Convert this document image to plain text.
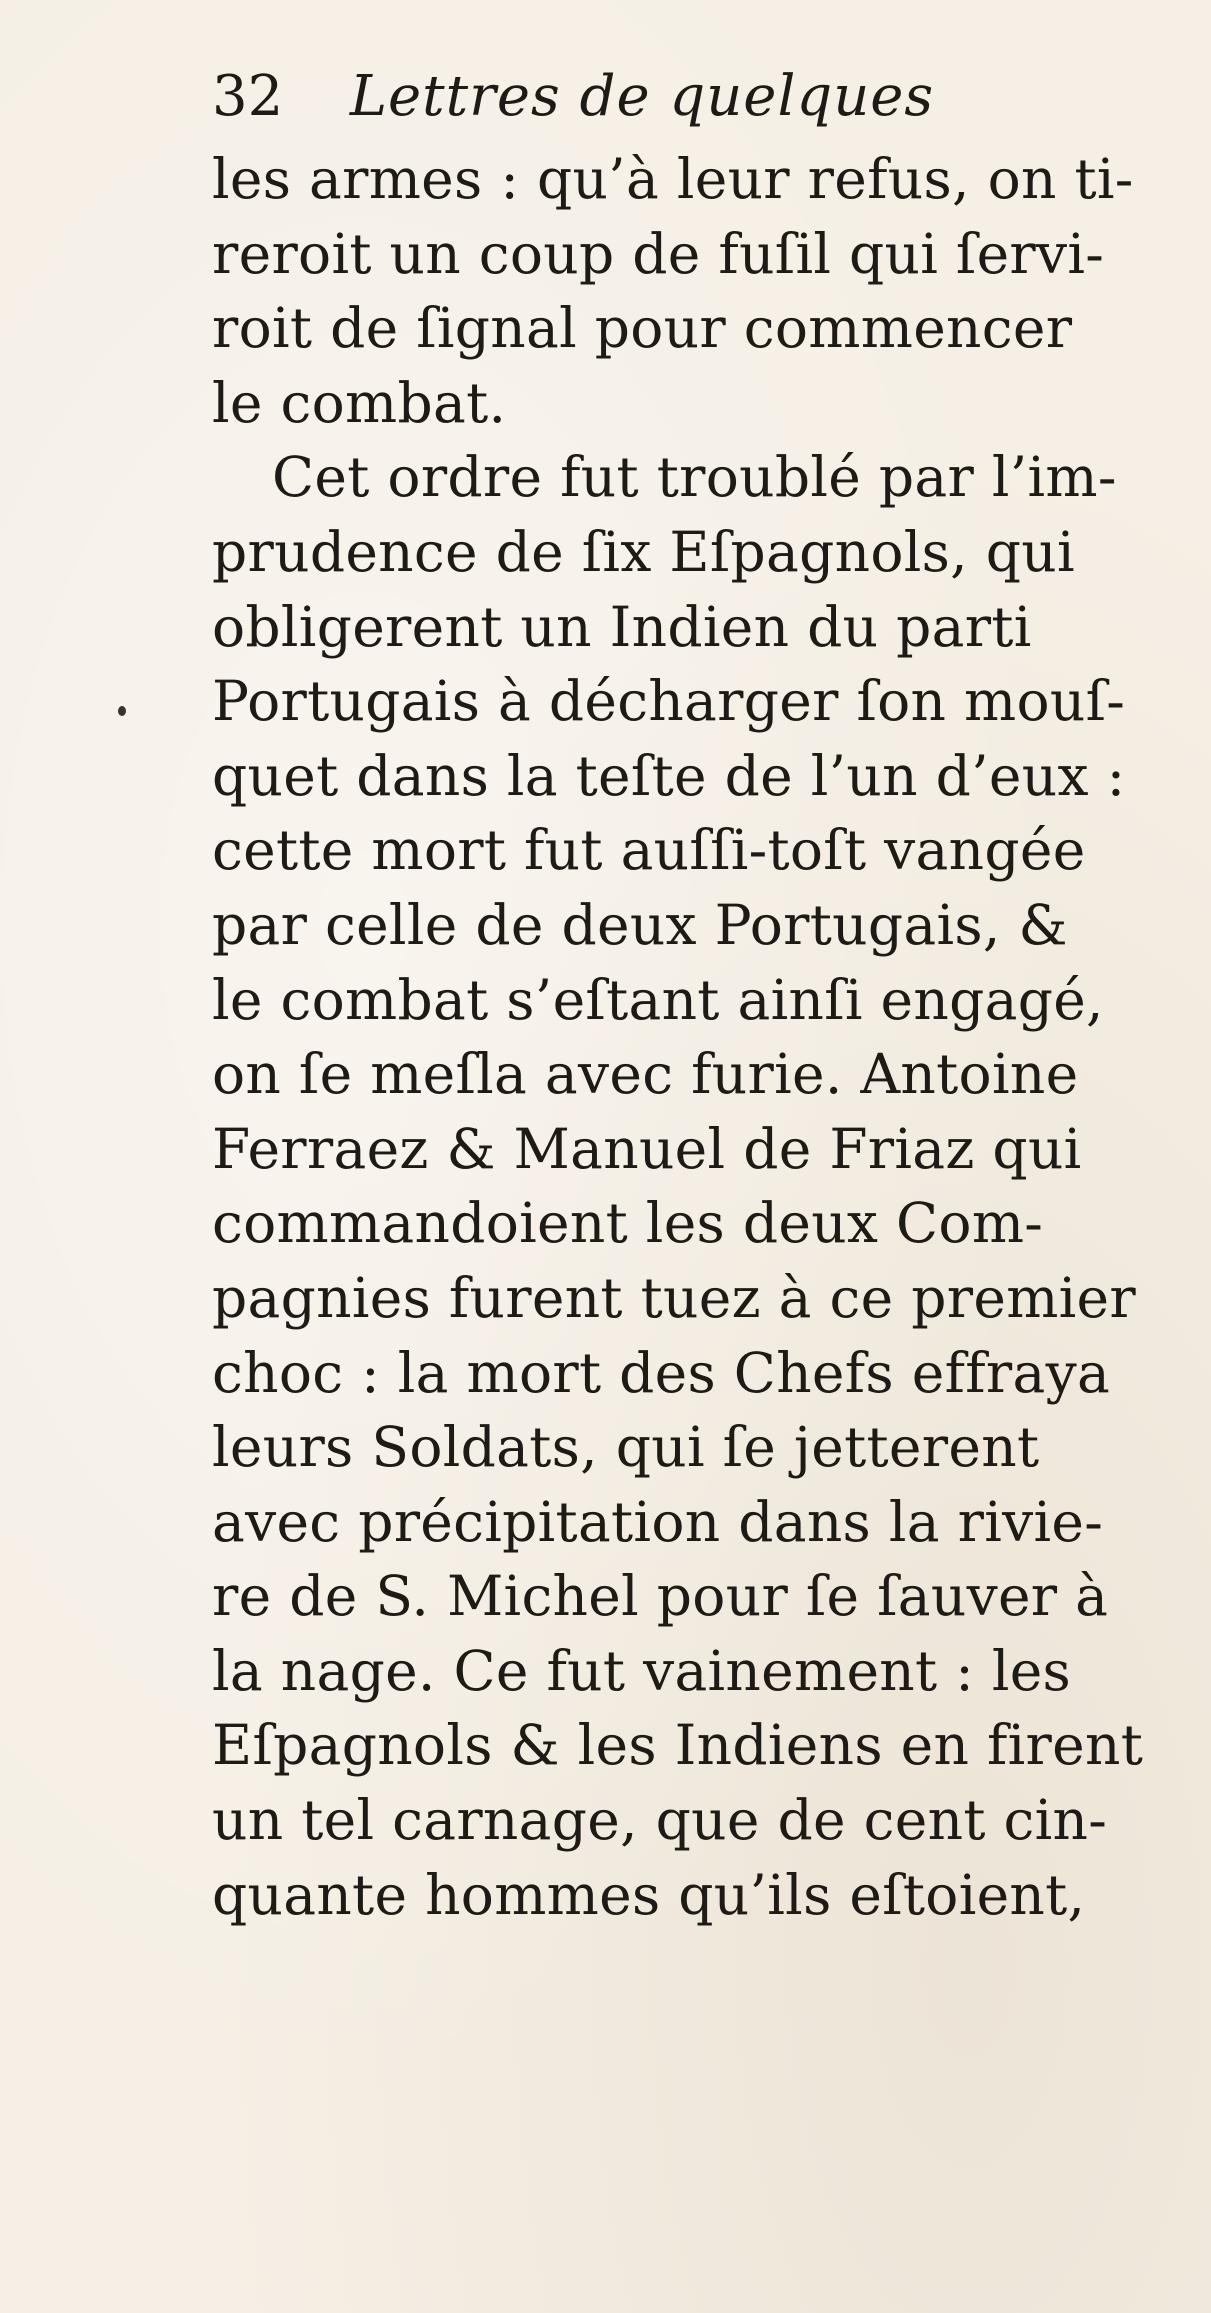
32 Lettres de quelques
les armes : qu’à leur refus, on ti-
reroit un coup de fuſil qui ſervi-
roit de ſignal pour commencer
le combat.
Cet ordre fut troublé par l’im-
prudence de ſix Eſpagnols, qui
obligerent un Indien du parti
Portugais à décharger ſon mouſ-
quet dans la teſte de l’un d’eux :
cette mort fut auſſi-toſt vangée
par celle de deux Portugais, &
le combat s’eſtant ainſi engagé,
on ſe meſla avec furie. Antoine
Ferraez & Manuel de Friaz qui
commandoient les deux Com-
pagnies furent tuez à ce premier
choc : la mort des Chefs effraya
leurs Soldats, qui ſe jetterent
avec précipitation dans la rivie-
re de S. Michel pour ſe ſauver à
la nage. Ce fut vainement : les
Eſpagnols & les Indiens en firent
un tel carnage, que de cent cin-
quante hommes qu’ils eſtoient,
